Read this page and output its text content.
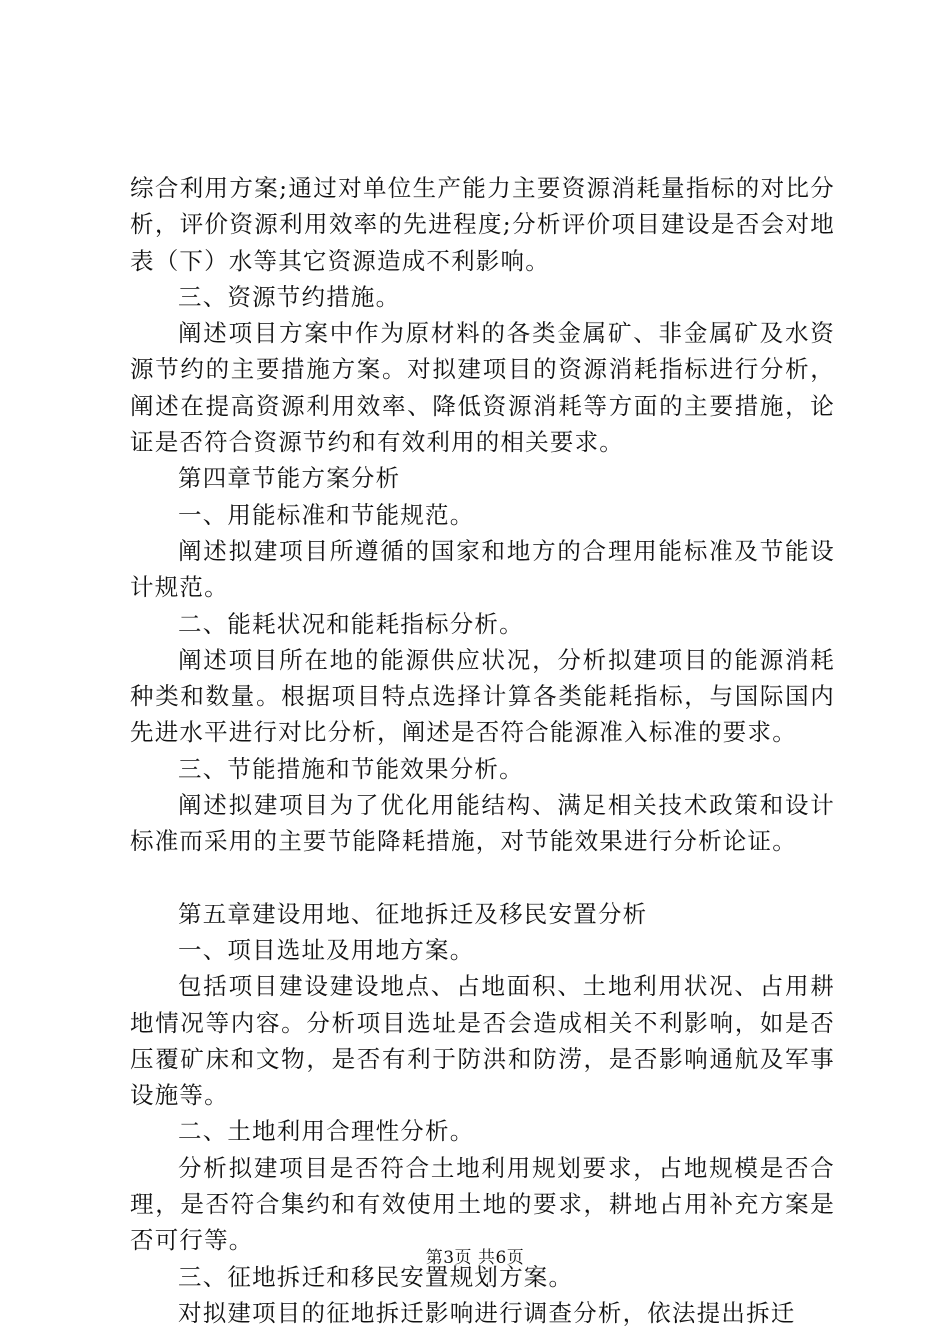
综合利用方案;通过对单位生产能力主要资源消耗量指标的对比分析，评价资源利用效率的先进程度;分析评价项目建设是否会对地表（下）水等其它资源造成不利影响。

三、资源节约措施。

阐述项目方案中作为原材料的各类金属矿、非金属矿及水资源节约的主要措施方案。对拟建项目的资源消耗指标进行分析，阐述在提高资源利用效率、降低资源消耗等方面的主要措施，论证是否符合资源节约和有效利用的相关要求。

第四章节能方案分析

一、用能标准和节能规范。

阐述拟建项目所遵循的国家和地方的合理用能标准及节能设计规范。

二、能耗状况和能耗指标分析。

阐述项目所在地的能源供应状况，分析拟建项目的能源消耗种类和数量。根据项目特点选择计算各类能耗指标，与国际国内先进水平进行对比分析，阐述是否符合能源准入标准的要求。

三、节能措施和节能效果分析。

阐述拟建项目为了优化用能结构、满足相关技术政策和设计标准而采用的主要节能降耗措施，对节能效果进行分析论证。

第五章建设用地、征地拆迁及移民安置分析

一、项目选址及用地方案。

包括项目建设建设地点、占地面积、土地利用状况、占用耕地情况等内容。分析项目选址是否会造成相关不利影响，如是否压覆矿床和文物，是否有利于防洪和防涝，是否影响通航及军事设施等。

二、土地利用合理性分析。

分析拟建项目是否符合土地利用规划要求，占地规模是否合理，是否符合集约和有效使用土地的要求，耕地占用补充方案是否可行等。

三、征地拆迁和移民安置规划方案。

对拟建项目的征地拆迁影响进行调查分析，依法提出拆迁

第3页 共6页
